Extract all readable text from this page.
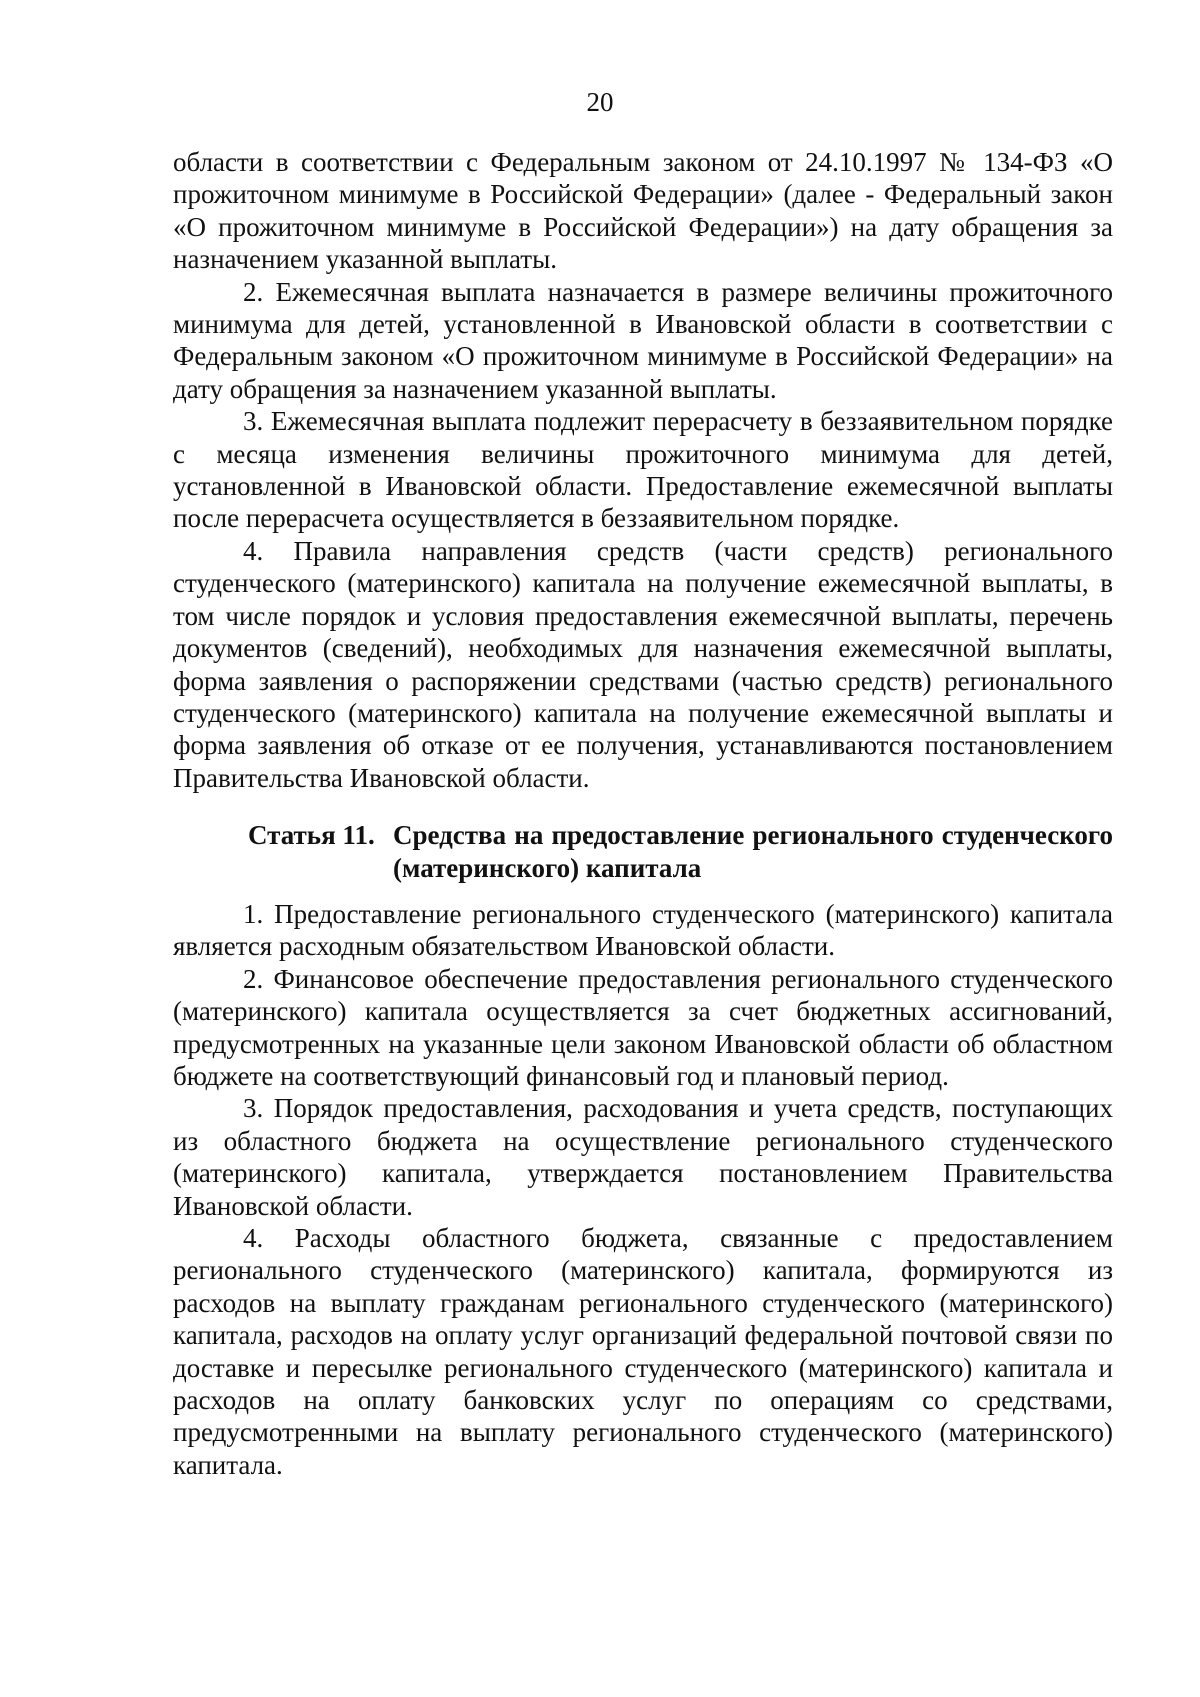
20

области в соответствии с Федеральным законом от 24.10.1997 № 134-ФЗ «О прожиточном минимуме в Российской Федерации» (далее - Федеральный закон «О прожиточном минимуме в Российской Федерации») на дату обращения за назначением указанной выплаты.

2. Ежемесячная выплата назначается в размере величины прожиточного минимума для детей, установленной в Ивановской области в соответствии с Федеральным законом «О прожиточном минимуме в Российской Федерации» на дату обращения за назначением указанной выплаты.

3. Ежемесячная выплата подлежит перерасчету в беззаявительном порядке с месяца изменения величины прожиточного минимума для детей, установленной в Ивановской области. Предоставление ежемесячной выплаты после перерасчета осуществляется в беззаявительном порядке.

4. Правила направления средств (части средств) регионального студенческого (материнского) капитала на получение ежемесячной выплаты, в том числе порядок и условия предоставления ежемесячной выплаты, перечень документов (сведений), необходимых для назначения ежемесячной выплаты, форма заявления о распоряжении средствами (частью средств) регионального студенческого (материнского) капитала на получение ежемесячной выплаты и форма заявления об отказе от ее получения, устанавливаются постановлением Правительства Ивановской области.

Статья 11. Средства на предоставление регионального студенческого (материнского) капитала

1. Предоставление регионального студенческого (материнского) капитала является расходным обязательством Ивановской области.

2. Финансовое обеспечение предоставления регионального студенческого (материнского) капитала осуществляется за счет бюджетных ассигнований, предусмотренных на указанные цели законом Ивановской области об областном бюджете на соответствующий финансовый год и плановый период.

3. Порядок предоставления, расходования и учета средств, поступающих из областного бюджета на осуществление регионального студенческого (материнского) капитала, утверждается постановлением Правительства Ивановской области.

4. Расходы областного бюджета, связанные с предоставлением регионального студенческого (материнского) капитала, формируются из расходов на выплату гражданам регионального студенческого (материнского) капитала, расходов на оплату услуг организаций федеральной почтовой связи по доставке и пересылке регионального студенческого (материнского) капитала и расходов на оплату банковских услуг по операциям со средствами, предусмотренными на выплату регионального студенческого (материнского) капитала.
